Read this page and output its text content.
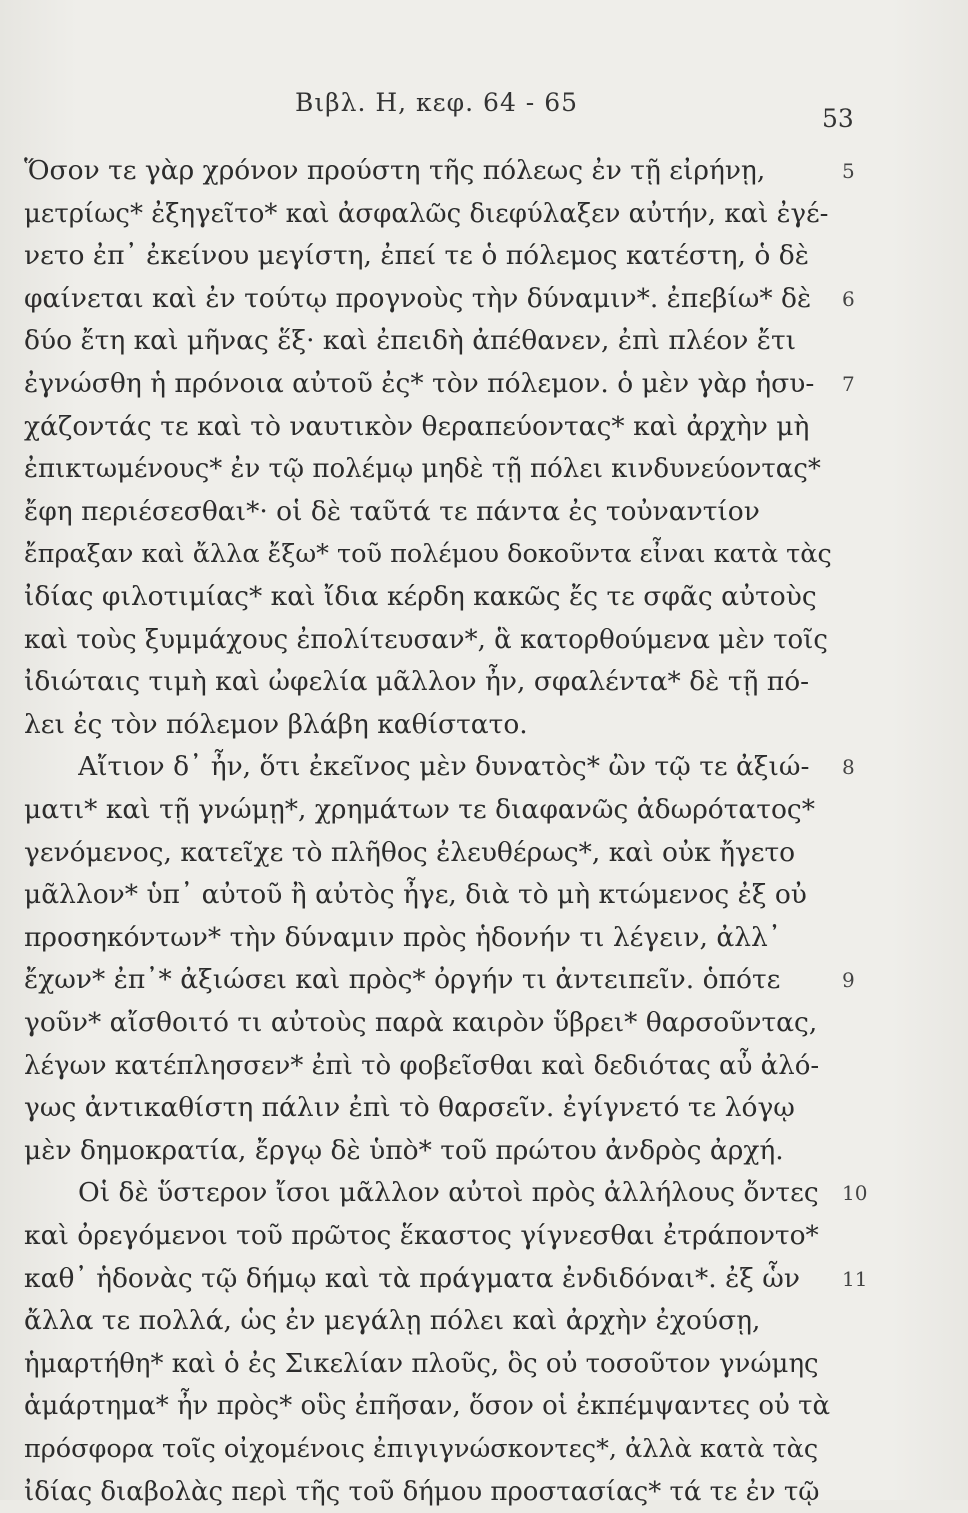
Βιβλ. Η, κεφ. 64 - 65
53
Ὅσον τε γὰρ χρόνον προύστη τῆς πόλεως ἐν τῇ εἰρήνῃ,	5
μετρίως* ἐξηγεῖτο* καὶ ἀσφαλῶς διεφύλαξεν αὐτήν, καὶ ἐγέ-
νετο ἐπ᾽ ἐκείνου μεγίστη, ἐπεί τε ὁ πόλεμος κατέστη, ὁ δὲ
φαίνεται καὶ ἐν τούτῳ προγνοὺς τὴν δύναμιν*. ἐπεβίω* δὲ	6
δύο ἔτη καὶ μῆνας ἕξ· καὶ ἐπειδὴ ἀπέθανεν, ἐπὶ πλέον ἔτι
ἐγνώσθη ἡ πρόνοια αὐτοῦ ἐς* τὸν πόλεμον. ὁ μὲν γὰρ ἡσυ-	7
χάζοντάς τε καὶ τὸ ναυτικὸν θεραπεύοντας* καὶ ἀρχὴν μὴ
ἐπικτωμένους* ἐν τῷ πολέμῳ μηδὲ τῇ πόλει κινδυνεύοντας*
ἔφη περιέσεσθαι*· οἱ δὲ ταῦτά τε πάντα ἐς τοὐναντίον
ἔπραξαν καὶ ἄλλα ἔξω* τοῦ πολέμου δοκοῦντα εἶναι κατὰ τὰς
ἰδίας φιλοτιμίας* καὶ ἴδια κέρδη κακῶς ἔς τε σφᾶς αὐτοὺς
καὶ τοὺς ξυμμάχους ἐπολίτευσαν*, ἃ κατορθούμενα μὲν τοῖς
ἰδιώταις τιμὴ καὶ ὠφελία μᾶλλον ἦν, σφαλέντα* δὲ τῇ πό-
λει ἐς τὸν πόλεμον βλάβη καθίστατο.
Αἴτιον δ᾽ ἦν, ὅτι ἐκεῖνος μὲν δυνατὸς* ὢν τῷ τε ἀξιώ-	8
ματι* καὶ τῇ γνώμῃ*, χρημάτων τε διαφανῶς ἀδωρότατος*
γενόμενος, κατεῖχε τὸ πλῆθος ἐλευθέρως*, καὶ οὐκ ἤγετο
μᾶλλον* ὑπ᾽ αὐτοῦ ἢ αὐτὸς ἦγε, διὰ τὸ μὴ κτώμενος ἐξ οὐ
προσηκόντων* τὴν δύναμιν πρὸς ἡδονήν τι λέγειν, ἀλλ᾽
ἔχων* ἐπ᾽* ἀξιώσει καὶ πρὸς* ὀργήν τι ἀντειπεῖν. ὁπότε	9
γοῦν* αἴσθοιτό τι αὐτοὺς παρὰ καιρὸν ὕβρει* θαρσοῦντας,
λέγων κατέπλησσεν* ἐπὶ τὸ φοβεῖσθαι καὶ δεδιότας αὖ ἀλό-
γως ἀντικαθίστη πάλιν ἐπὶ τὸ θαρσεῖν. ἐγίγνετό τε λόγῳ
μὲν δημοκρατία, ἔργῳ δὲ ὑπὸ* τοῦ πρώτου ἀνδρὸς ἀρχή.
Οἱ δὲ ὕστερον ἴσοι μᾶλλον αὐτοὶ πρὸς ἀλλήλους ὄντες	10
καὶ ὀρεγόμενοι τοῦ πρῶτος ἕκαστος γίγνεσθαι ἐτράποντο*
καθ᾽ ἡδονὰς τῷ δήμῳ καὶ τὰ πράγματα ἐνδιδόναι*. ἐξ ὧν	11
ἄλλα τε πολλά, ὡς ἐν μεγάλῃ πόλει καὶ ἀρχὴν ἐχούσῃ,
ἡμαρτήθη* καὶ ὁ ἐς Σικελίαν πλοῦς, ὃς οὐ τοσοῦτον γνώμης
ἁμάρτημα* ἦν πρὸς* οὓς ἐπῆσαν, ὅσον οἱ ἐκπέμψαντες οὐ τὰ
πρόσφορα τοῖς οἰχομένοις ἐπιγιγνώσκοντες*, ἀλλὰ κατὰ τὰς
ἰδίας διαβολὰς περὶ τῆς τοῦ δήμου προστασίας* τά τε ἐν τῷ
